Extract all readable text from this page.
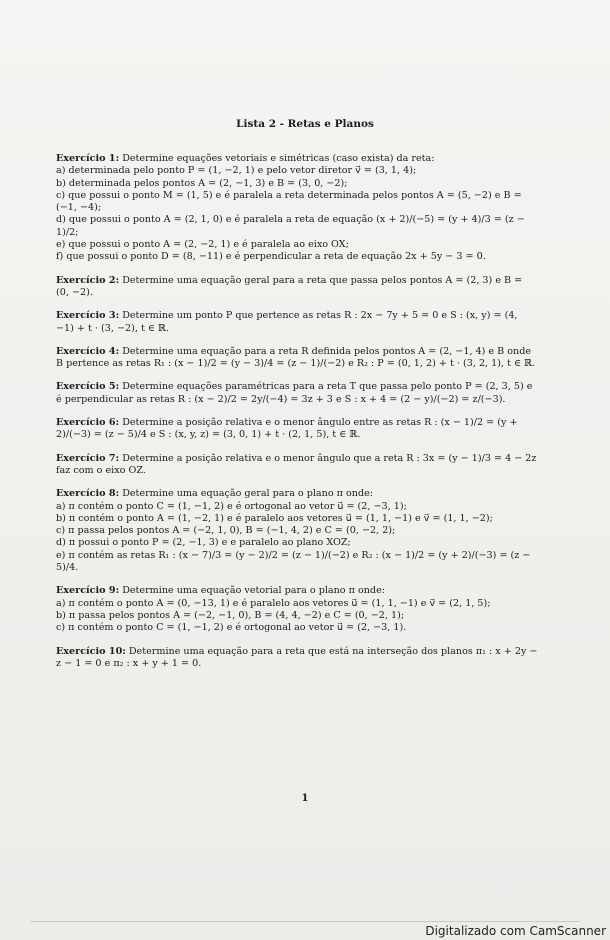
Lista 2 - Retas e Planos
Exercício 1: Determine equações vetoriais e simétricas (caso exista) da reta:
a) determinada pelo ponto P = (1, −2, 1) e pelo vetor diretor v⃗ = (3, 1, 4);
b) determinada pelos pontos A = (2, −1, 3) e B = (3, 0, −2);
c) que possui o ponto M = (1, 5) e é paralela a reta determinada pelos pontos A = (5, −2) e B = (−1, −4);
d) que possui o ponto A = (2, 1, 0) e é paralela a reta de equação (x + 2)/(−5) = (y + 4)/3 = (z − 1)/2;
e) que possui o ponto A = (2, −2, 1) e é paralela ao eixo OX;
f) que possui o ponto D = (8, −11) e é perpendicular a reta de equação 2x + 5y − 3 = 0.
Exercício 2: Determine uma equação geral para a reta que passa pelos pontos A = (2, 3) e B = (0, −2).
Exercício 3: Determine um ponto P que pertence as retas R : 2x − 7y + 5 = 0 e S : (x, y) = (4, −1) + t · (3, −2), t ∈ ℝ.
Exercício 4: Determine uma equação para a reta R definida pelos pontos A = (2, −1, 4) e B onde B pertence as retas R₁ : (x − 1)/2 = (y − 3)/4 = (z − 1)/(−2) e R₂ : P = (0, 1, 2) + t · (3, 2, 1), t ∈ ℝ.
Exercício 5: Determine equações paramétricas para a reta T que passa pelo ponto P = (2, 3, 5) e é perpendicular as retas R : (x − 2)/2 = 2y/(−4) = 3z + 3 e S : x + 4 = (2 − y)/(−2) = z/(−3).
Exercício 6: Determine a posição relativa e o menor ângulo entre as retas R : (x − 1)/2 = (y + 2)/(−3) = (z − 5)/4 e S : (x, y, z) = (3, 0, 1) + t · (2, 1, 5), t ∈ ℝ.
Exercício 7: Determine a posição relativa e o menor ângulo que a reta R : 3x = (y − 1)/3 = 4 − 2z faz com o eixo OZ.
Exercício 8: Determine uma equação geral para o plano π onde:
a) π contém o ponto C = (1, −1, 2) e é ortogonal ao vetor u⃗ = (2, −3, 1);
b) π contém o ponto A = (1, −2, 1) e é paralelo aos vetores u⃗ = (1, 1, −1) e v⃗ = (1, 1, −2);
c) π passa pelos pontos A = (−2, 1, 0), B = (−1, 4, 2) e C = (0, −2, 2);
d) π possui o ponto P = (2, −1, 3) e e paralelo ao plano XOZ;
e) π contém as retas R₁ : (x − 7)/3 = (y − 2)/2 = (z − 1)/(−2) e R₂ : (x − 1)/2 = (y + 2)/(−3) = (z − 5)/4.
Exercício 9: Determine uma equação vetorial para o plano π onde:
a) π contém o ponto A = (0, −13, 1) e é paralelo aos vetores u⃗ = (1, 1, −1) e v⃗ = (2, 1, 5);
b) π passa pelos pontos A = (−2, −1, 0), B = (4, 4, −2) e C = (0, −2, 1);
c) π contém o ponto C = (1, −1, 2) e é ortogonal ao vetor u⃗ = (2, −3, 1).
Exercício 10: Determine uma equação para a reta que está na interseção dos planos π₁ : x + 2y − z − 1 = 0 e π₂ : x + y + 1 = 0.
1
Digitalizado com CamScanner
